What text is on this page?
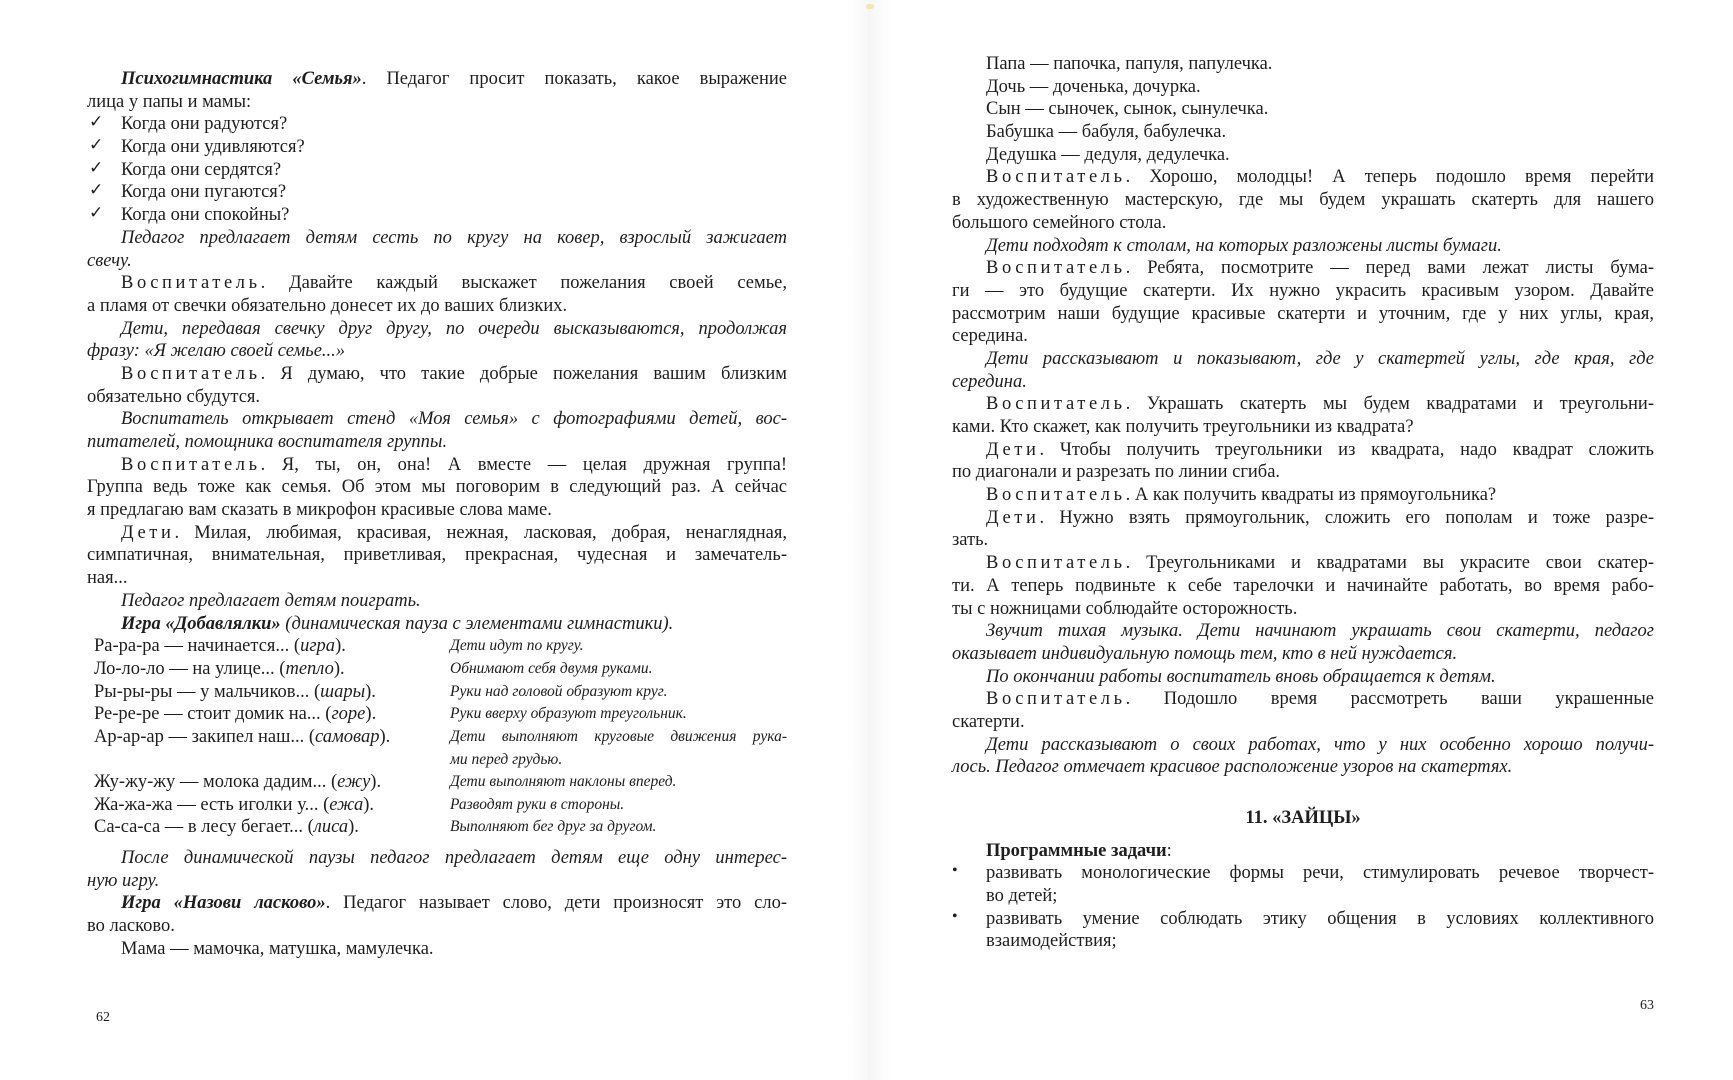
Психогимнастика «Семья». Педагог просит показать, какое выражение
лица у папы и мамы:
✓ Когда они радуются?
✓ Когда они удивляются?
✓ Когда они сердятся?
✓ Когда они пугаются?
✓ Когда они спокойны?
Педагог предлагает детям сесть по кругу на ковер, взрослый зажигает
свечу.
Воспитатель. Давайте каждый выскажет пожелания своей семье,
а пламя от свечки обязательно донесет их до ваших близких.
Дети, передавая свечку друг другу, по очереди высказываются, продолжая
фразу: «Я желаю своей семье...»
Воспитатель. Я думаю, что такие добрые пожелания вашим близким
обязательно сбудутся.
Воспитатель открывает стенд «Моя семья» с фотографиями детей, вос-
питателей, помощника воспитателя группы.
Воспитатель. Я, ты, он, она! А вместе — целая дружная группа!
Группа ведь тоже как семья. Об этом мы поговорим в следующий раз. А сейчас
я предлагаю вам сказать в микрофон красивые слова маме.
Дети. Милая, любимая, красивая, нежная, ласковая, добрая, ненаглядная,
симпатичная, внимательная, приветливая, прекрасная, чудесная и замечатель-
ная...
Педагог предлагает детям поиграть.
Игра «Добавлялки» (динамическая пауза с элементами гимнастики).
Ра-ра-ра — начинается... (игра).	Дети идут по кругу.
Ло-ло-ло — на улице... (тепло).	Обнимают себя двумя руками.
Ры-ры-ры — у мальчиков... (шары).	Руки над головой образуют круг.
Ре-ре-ре — стоит домик на... (горе).	Руки вверху образуют треугольник.
Ар-ар-ар — закипел наш... (самовар).	Дети выполняют круговые движения рука-
ми перед грудью.
Жу-жу-жу — молока дадим... (ежу).	Дети выполняют наклоны вперед.
Жа-жа-жа — есть иголки у... (ежа).	Разводят руки в стороны.
Са-са-са — в лесу бегает... (лиса).	Выполняют бег друг за другом.
После динамической паузы педагог предлагает детям еще одну интерес-
ную игру.
Игра «Назови ласково». Педагог называет слово, дети произносят это сло-
во ласково.
Мама — мамочка, матушка, мамулечка.
Папа — папочка, папуля, папулечка.
Дочь — доченька, дочурка.
Сын — сыночек, сынок, сынулечка.
Бабушка — бабуля, бабулечка.
Дедушка — дедуля, дедулечка.
Воспитатель. Хорошо, молодцы! А теперь подошло время перейти
в художественную мастерскую, где мы будем украшать скатерть для нашего
большого семейного стола.
Дети подходят к столам, на которых разложены листы бумаги.
Воспитатель. Ребята, посмотрите — перед вами лежат листы бума-
ги — это будущие скатерти. Их нужно украсить красивым узором. Давайте
рассмотрим наши будущие красивые скатерти и уточним, где у них углы, края,
середина.
Дети рассказывают и показывают, где у скатертей углы, где края, где
середина.
Воспитатель. Украшать скатерть мы будем квадратами и треугольни-
ками. Кто скажет, как получить треугольники из квадрата?
Дети. Чтобы получить треугольники из квадрата, надо квадрат сложить
по диагонали и разрезать по линии сгиба.
Воспитатель. А как получить квадраты из прямоугольника?
Дети. Нужно взять прямоугольник, сложить его пополам и тоже разре-
зать.
Воспитатель. Треугольниками и квадратами вы украсите свои скатер-
ти. А теперь подвиньте к себе тарелочки и начинайте работать, во время рабо-
ты с ножницами соблюдайте осторожность.
Звучит тихая музыка. Дети начинают украшать свои скатерти, педагог
оказывает индивидуальную помощь тем, кто в ней нуждается.
По окончании работы воспитатель вновь обращается к детям.
Воспитатель. Подошло время рассмотреть ваши украшенные
скатерти.
Дети рассказывают о своих работах, что у них особенно хорошо получи-
лось. Педагог отмечает красивое расположение узоров на скатертях.
11. «ЗАЙЦЫ»
Программные задачи:
• развивать монологические формы речи, стимулировать речевое творчест-
во детей;
• развивать умение соблюдать этику общения в условиях коллективного
взаимодействия;
62
63
